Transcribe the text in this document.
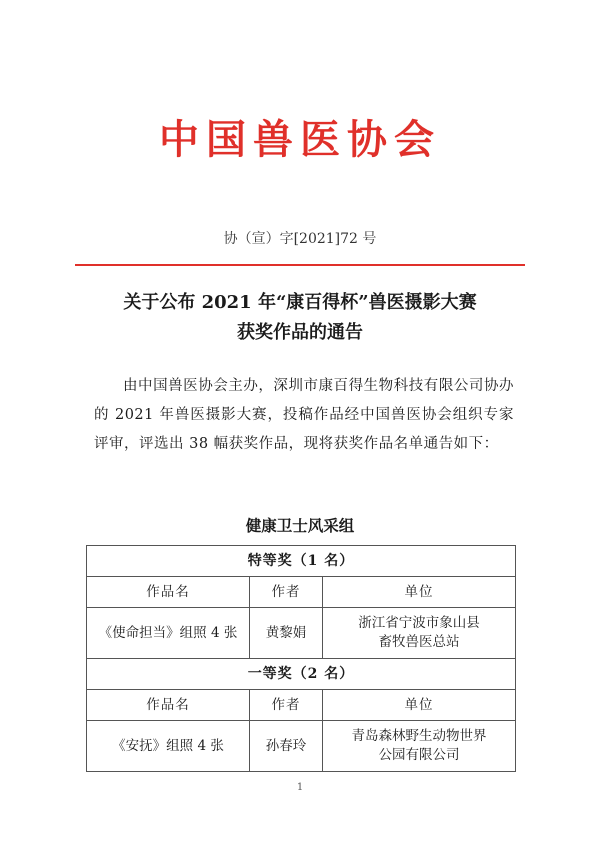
中国兽医协会
协（宣）字[2021]72 号
关于公布 2021 年“康百得杯”兽医摄影大赛
获奖作品的通告
由中国兽医协会主办，深圳市康百得生物科技有限公司协办的 2021 年兽医摄影大赛，投稿作品经中国兽医协会组织专家评审，评选出 38 幅获奖作品，现将获奖作品名单通告如下：
健康卫士风采组
特等奖（1 名）		
作品名	作者	单位
《使命担当》组照 4 张	黄黎娟	浙江省宁波市象山县
畜牧兽医总站

一等奖（2 名）		
作品名	作者	单位
《安抚》组照 4 张	孙春玲	青岛森林野生动物世界
公园有限公司
1
